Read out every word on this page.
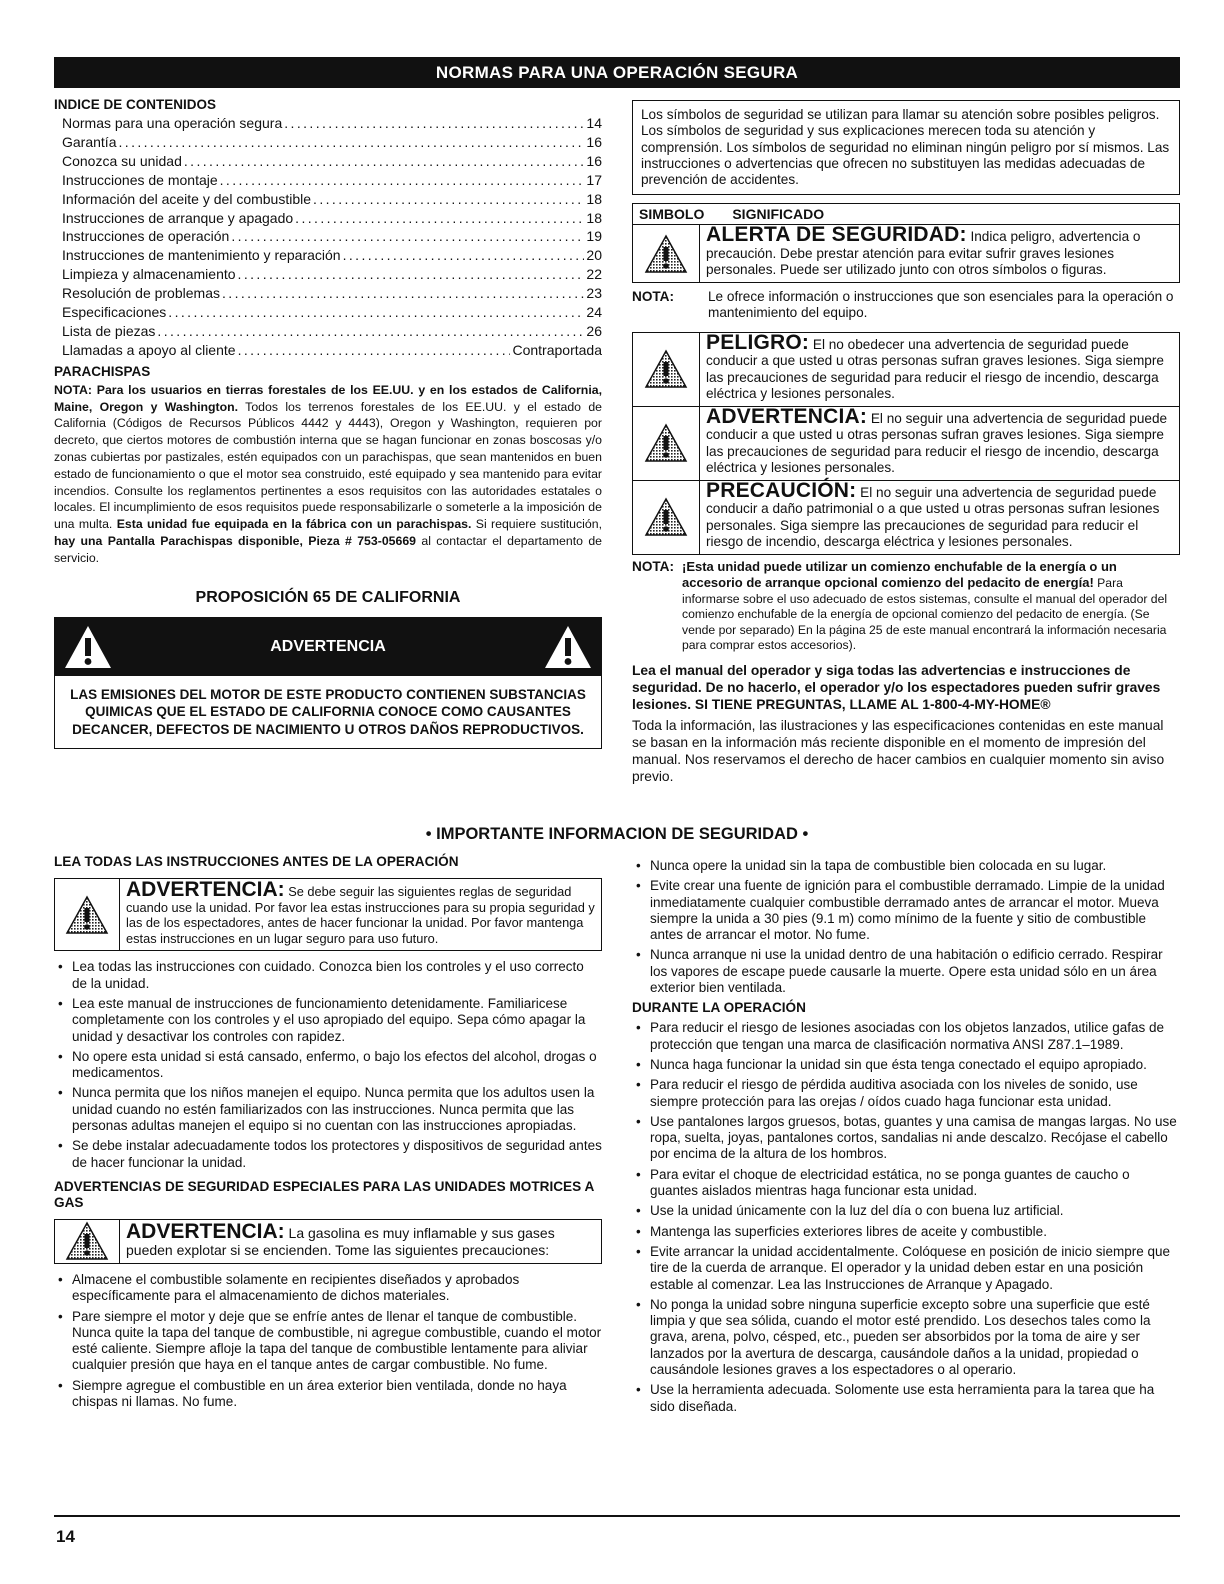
NORMAS PARA UNA OPERACIÓN SEGURA

INDICE DE CONTENIDOS

Normas para una operación segura .....	14
Garantía .....	16
Conozca su unidad .....	16
Instrucciones de montaje .....	17
Información del aceite y del combustible .....	18
Instrucciones de arranque y apagado .....	18
Instrucciones de operación .....	19
Instrucciones de mantenimiento y reparación .....	20
Limpieza y almacenamiento .....	22
Resolución de problemas .....	23
Especificaciones .....	24
Lista de piezas .....	26
Llamadas a apoyo al cliente .....	Contraportada

PARACHISPAS

NOTA: Para los usuarios en tierras forestales de los EE.UU. y en los estados de California, Maine, Oregon y Washington. Todos los terrenos forestales de los EE.UU. y el estado de California (Códigos de Recursos Públicos 4442 y 4443), Oregon y Washington, requieren por decreto, que ciertos motores de combustión interna que se hagan funcionar en zonas boscosas y/o zonas cubiertas por pastizales, estén equipados con un parachispas, que sean mantenidos en buen estado de funcionamiento o que el motor sea construido, esté equipado y sea mantenido para evitar incendios. Consulte los reglamentos pertinentes a esos requisitos con las autoridades estatales o locales. El incumplimiento de esos requisitos puede responsabilizarle o someterle a la imposición de una multa. Esta unidad fue equipada en la fábrica con un parachispas. Si requiere sustitución, hay una Pantalla Parachispas disponible, Pieza # 753-05669 al contactar el departamento de servicio.

PROPOSICIÓN 65 DE CALIFORNIA

ADVERTENCIA
LAS EMISIONES DEL MOTOR DE ESTE PRODUCTO CONTIENEN SUBSTANCIAS QUIMICAS QUE EL ESTADO DE CALIFORNIA CONOCE COMO CAUSANTES DECANCER, DEFECTOS DE NACIMIENTO U OTROS DAÑOS REPRODUCTIVOS.
Los símbolos de seguridad se utilizan para llamar su atención sobre posibles peligros. Los símbolos de seguridad y sus explicaciones merecen toda su atención y comprensión. Los símbolos de seguridad no eliminan ningún peligro por sí mismos. Las instrucciones o advertencias que ofrecen no substituyen las medidas adecuadas de prevención de accidentes.
SIMBOLO SIGNIFICADO
ALERTA DE SEGURIDAD: Indica peligro, advertencia o precaución. Debe prestar atención para evitar sufrir graves lesiones personales. Puede ser utilizado junto con otros símbolos o figuras.
NOTA:	Le ofrece información o instrucciones que son esenciales para la operación o mantenimiento del equipo.
PELIGRO: El no obedecer una advertencia de seguridad puede conducir a que usted u otras personas sufran graves lesiones. Siga siempre las precauciones de seguridad para reducir el riesgo de incendio, descarga eléctrica y lesiones personales.
ADVERTENCIA: El no seguir una advertencia de seguridad puede conducir a que usted u otras personas sufran graves lesiones. Siga siempre las precauciones de seguridad para reducir el riesgo de incendio, descarga eléctrica y lesiones personales.
PRECAUCIÓN: El no seguir una advertencia de seguridad puede conducir a daño patrimonial o a que usted u otras personas sufran lesiones personales. Siga siempre las precauciones de seguridad para reducir el riesgo de incendio, descarga eléctrica y lesiones personales.
NOTA: ¡Esta unidad puede utilizar un comienzo enchufable de la energía o un accesorio de arranque opcional comienzo del pedacito de energía! Para informarse sobre el uso adecuado de estos sistemas, consulte el manual del operador del comienzo enchufable de la energía de opcional comienzo del pedacito de energía. (Se vende por separado) En la página 25 de este manual encontrará la información necesaria para comprar estos accesorios).

Lea el manual del operador y siga todas las advertencias e instrucciones de seguridad. De no hacerlo, el operador y/o los espectadores pueden sufrir graves lesiones. SI TIENE PREGUNTAS, LLAME AL 1-800-4-MY-HOME®

Toda la información, las ilustraciones y las especificaciones contenidas en este manual se basan en la información más reciente disponible en el momento de impresión del manual. Nos reservamos el derecho de hacer cambios en cualquier momento sin aviso previo.

• IMPORTANTE INFORMACION DE SEGURIDAD •

LEA TODAS LAS INSTRUCCIONES ANTES DE LA OPERACIÓN

ADVERTENCIA: Se debe seguir las siguientes reglas de seguridad cuando use la unidad. Por favor lea estas instrucciones para su propia seguridad y las de los espectadores, antes de hacer funcionar la unidad. Por favor mantenga estas instrucciones en un lugar seguro para uso futuro.
• Lea todas las instrucciones con cuidado. Conozca bien los controles y el uso correcto de la unidad.
• Lea este manual de instrucciones de funcionamiento detenidamente. Familiaricese completamente con los controles y el uso apropiado del equipo. Sepa cómo apagar la unidad y desactivar los controles con rapidez.
• No opere esta unidad si está cansado, enfermo, o bajo los efectos del alcohol, drogas o medicamentos.
• Nunca permita que los niños manejen el equipo. Nunca permita que los adultos usen la unidad cuando no estén familiarizados con las instrucciones. Nunca permita que las personas adultas manejen el equipo si no cuentan con las instrucciones apropiadas.
• Se debe instalar adecuadamente todos los protectores y dispositivos de seguridad antes de hacer funcionar la unidad.

ADVERTENCIAS DE SEGURIDAD ESPECIALES PARA LAS UNIDADES MOTRICES A GAS

ADVERTENCIA: La gasolina es muy inflamable y sus gases pueden explotar si se encienden. Tome las siguientes precauciones:
• Almacene el combustible solamente en recipientes diseñados y aprobados específicamente para el almacenamiento de dichos materiales.
• Pare siempre el motor y deje que se enfríe antes de llenar el tanque de combustible. Nunca quite la tapa del tanque de combustible, ni agregue combustible, cuando el motor esté caliente. Siempre afloje la tapa del tanque de combustible lentamente para aliviar cualquier presión que haya en el tanque antes de cargar combustible. No fume.
• Siempre agregue el combustible en un área exterior bien ventilada, donde no haya chispas ni llamas. No fume.
• Nunca opere la unidad sin la tapa de combustible bien colocada en su lugar.
• Evite crear una fuente de ignición para el combustible derramado. Limpie de la unidad inmediatamente cualquier combustible derramado antes de arrancar el motor. Mueva siempre la unida a 30 pies (9.1 m) como mínimo de la fuente y sitio de combustible antes de arrancar el motor. No fume.
• Nunca arranque ni use la unidad dentro de una habitación o edificio cerrado. Respirar los vapores de escape puede causarle la muerte. Opere esta unidad sólo en un área exterior bien ventilada.

DURANTE LA OPERACIÓN

• Para reducir el riesgo de lesiones asociadas con los objetos lanzados, utilice gafas de protección que tengan una marca de clasificación normativa ANSI Z87.1–1989.
• Nunca haga funcionar la unidad sin que ésta tenga conectado el equipo apropiado.
• Para reducir el riesgo de pérdida auditiva asociada con los niveles de sonido, use siempre protección para las orejas / oídos cuado haga funcionar esta unidad.
• Use pantalones largos gruesos, botas, guantes y una camisa de mangas largas. No use ropa, suelta, joyas, pantalones cortos, sandalias ni ande descalzo. Recójase el cabello por encima de la altura de los hombros.
• Para evitar el choque de electricidad estática, no se ponga guantes de caucho o guantes aislados mientras haga funcionar esta unidad.
• Use la unidad únicamente con la luz del día o con buena luz artificial.
• Mantenga las superficies exteriores libres de aceite y combustible.
• Evite arrancar la unidad accidentalmente. Colóquese en posición de inicio siempre que tire de la cuerda de arranque. El operador y la unidad deben estar en una posición estable al comenzar. Lea las Instrucciones de Arranque y Apagado.
• No ponga la unidad sobre ninguna superficie excepto sobre una superficie que esté limpia y que sea sólida, cuando el motor esté prendido. Los desechos tales como la grava, arena, polvo, césped, etc., pueden ser absorbidos por la toma de aire y ser lanzados por la avertura de descarga, causándole daños a la unidad, propiedad o causándole lesiones graves a los espectadores o al operario.
• Use la herramienta adecuada. Solomente use esta herramienta para la tarea que ha sido diseñada.
14
